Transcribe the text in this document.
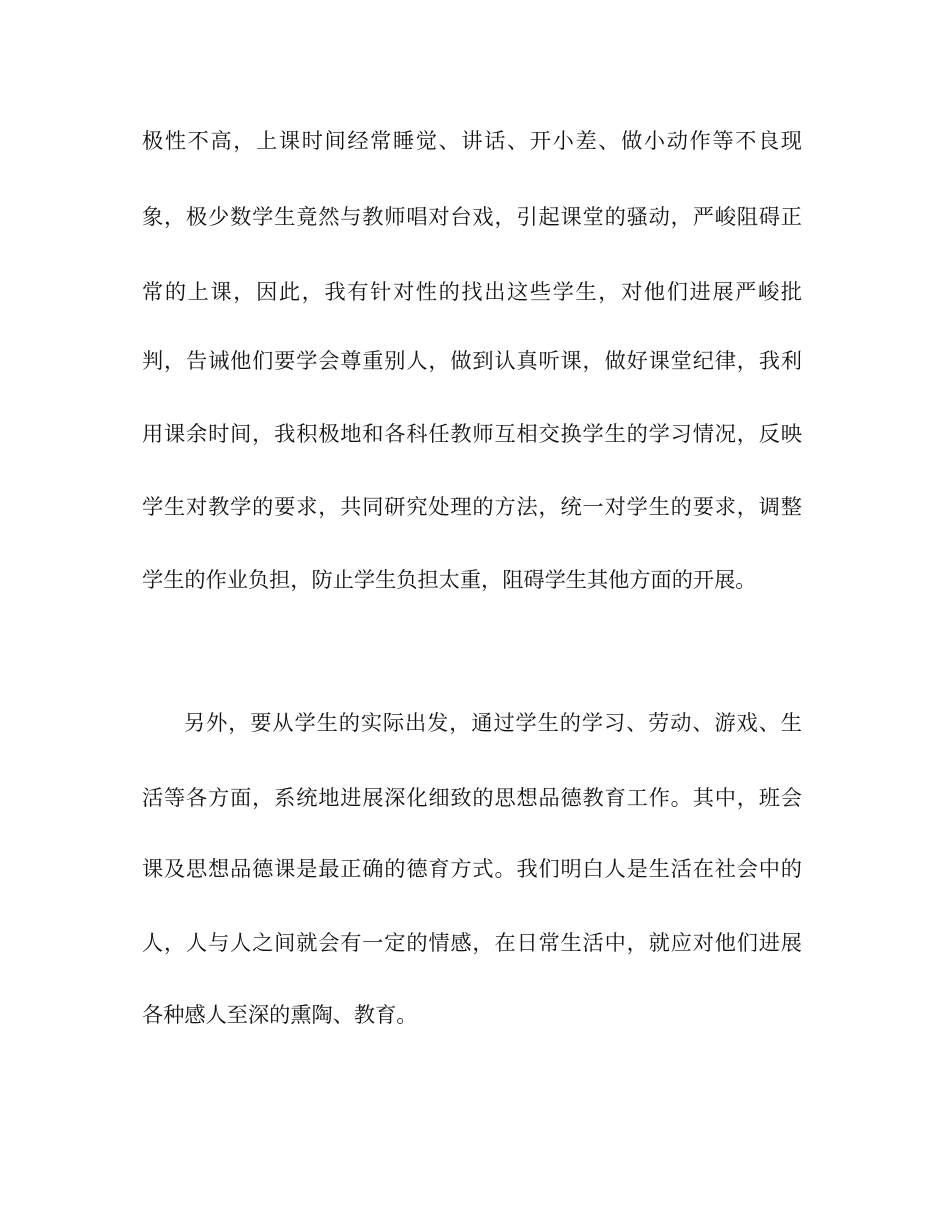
极性不高，上课时间经常睡觉、讲话、开小差、做小动作等不良现

象，极少数学生竟然与教师唱对台戏，引起课堂的骚动，严峻阻碍正

常的上课，因此，我有针对性的找出这些学生，对他们进展严峻批

判，告诫他们要学会尊重别人，做到认真听课，做好课堂纪律，我利

用课余时间，我积极地和各科任教师互相交换学生的学习情况，反映

学生对教学的要求，共同研究处理的方法，统一对学生的要求，调整

学生的作业负担，防止学生负担太重，阻碍学生其他方面的开展。

另外，要从学生的实际出发，通过学生的学习、劳动、游戏、生

活等各方面，系统地进展深化细致的思想品德教育工作。其中，班会

课及思想品德课是最正确的德育方式。我们明白人是生活在社会中的

人，人与人之间就会有一定的情感，在日常生活中，就应对他们进展

各种感人至深的熏陶、教育。
